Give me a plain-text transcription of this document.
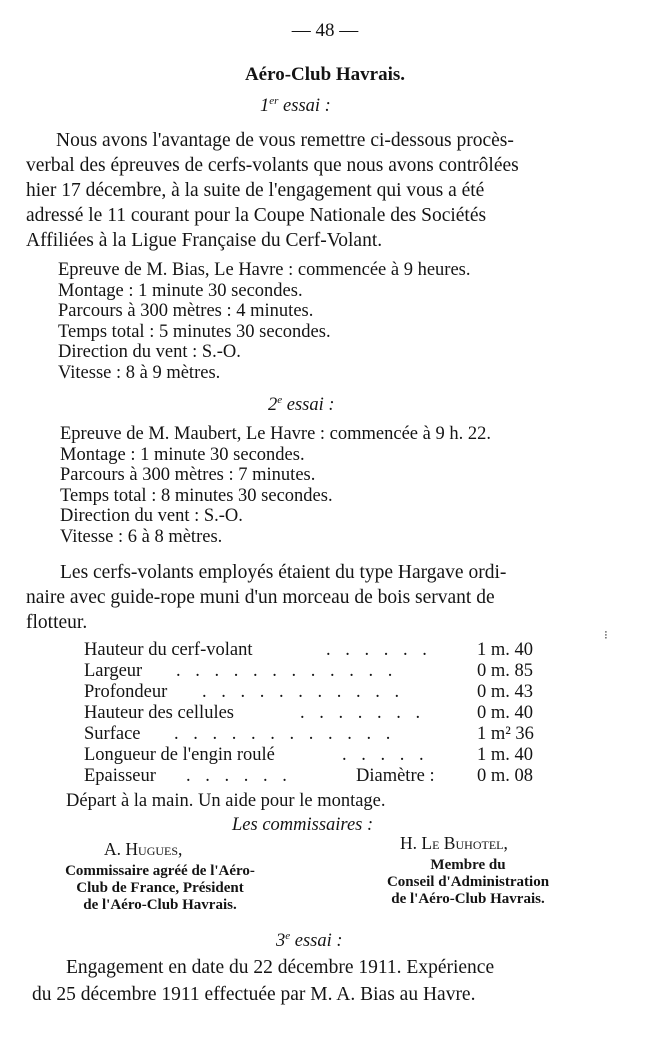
— 48 —
Aéro-Club Havrais.
1er essai :
Nous avons l'avantage de vous remettre ci-dessous procès-
verbal des épreuves de cerfs-volants que nous avons contrôlées
hier 17 décembre, à la suite de l'engagement qui vous a été
adressé le 11 courant pour la Coupe Nationale des Sociétés
Affiliées à la Ligue Française du Cerf-Volant.
Epreuve de M. Bias, Le Havre : commencée à 9 heures.
Montage : 1 minute 30 secondes.
Parcours à 300 mètres : 4 minutes.
Temps total : 5 minutes 30 secondes.
Direction du vent : S.-O.
Vitesse : 8 à 9 mètres.
2e essai :
Epreuve de M. Maubert, Le Havre : commencée à 9 h. 22.
Montage : 1 minute 30 secondes.
Parcours à 300 mètres : 7 minutes.
Temps total : 8 minutes 30 secondes.
Direction du vent : S.-O.
Vitesse : 6 à 8 mètres.
Les cerfs-volants employés étaient du type Hargave ordi-
naire avec guide-rope muni d'un morceau de bois servant de
flotteur.
Hauteur du cerf-volant	. . . . . . 1 m. 40
Largeur . . . . . . . . . . . .	0 m. 85
Profondeur . . . . . . . . . . .	0 m. 43
Hauteur des cellules	. . . . . . .	0 m. 40
Surface . . . . . . . . . . . .	1 m² 36
Longueur de l'engin roulé	. . . . .	1 m. 40
Epaisseur . . . . . .	Diamètre : 0 m. 08
⁝
Départ à la main. Un aide pour le montage.
Les commissaires :
A. Hugues,
Commissaire agréé de l'Aéro-
Club de France, Président
de l'Aéro-Club Havrais.
H. Le Buhotel,
Membre du
Conseil d'Administration
de l'Aéro-Club Havrais.
3e essai :
Engagement en date du 22 décembre 1911. Expérience
du 25 décembre 1911 effectuée par M. A. Bias au Havre.
